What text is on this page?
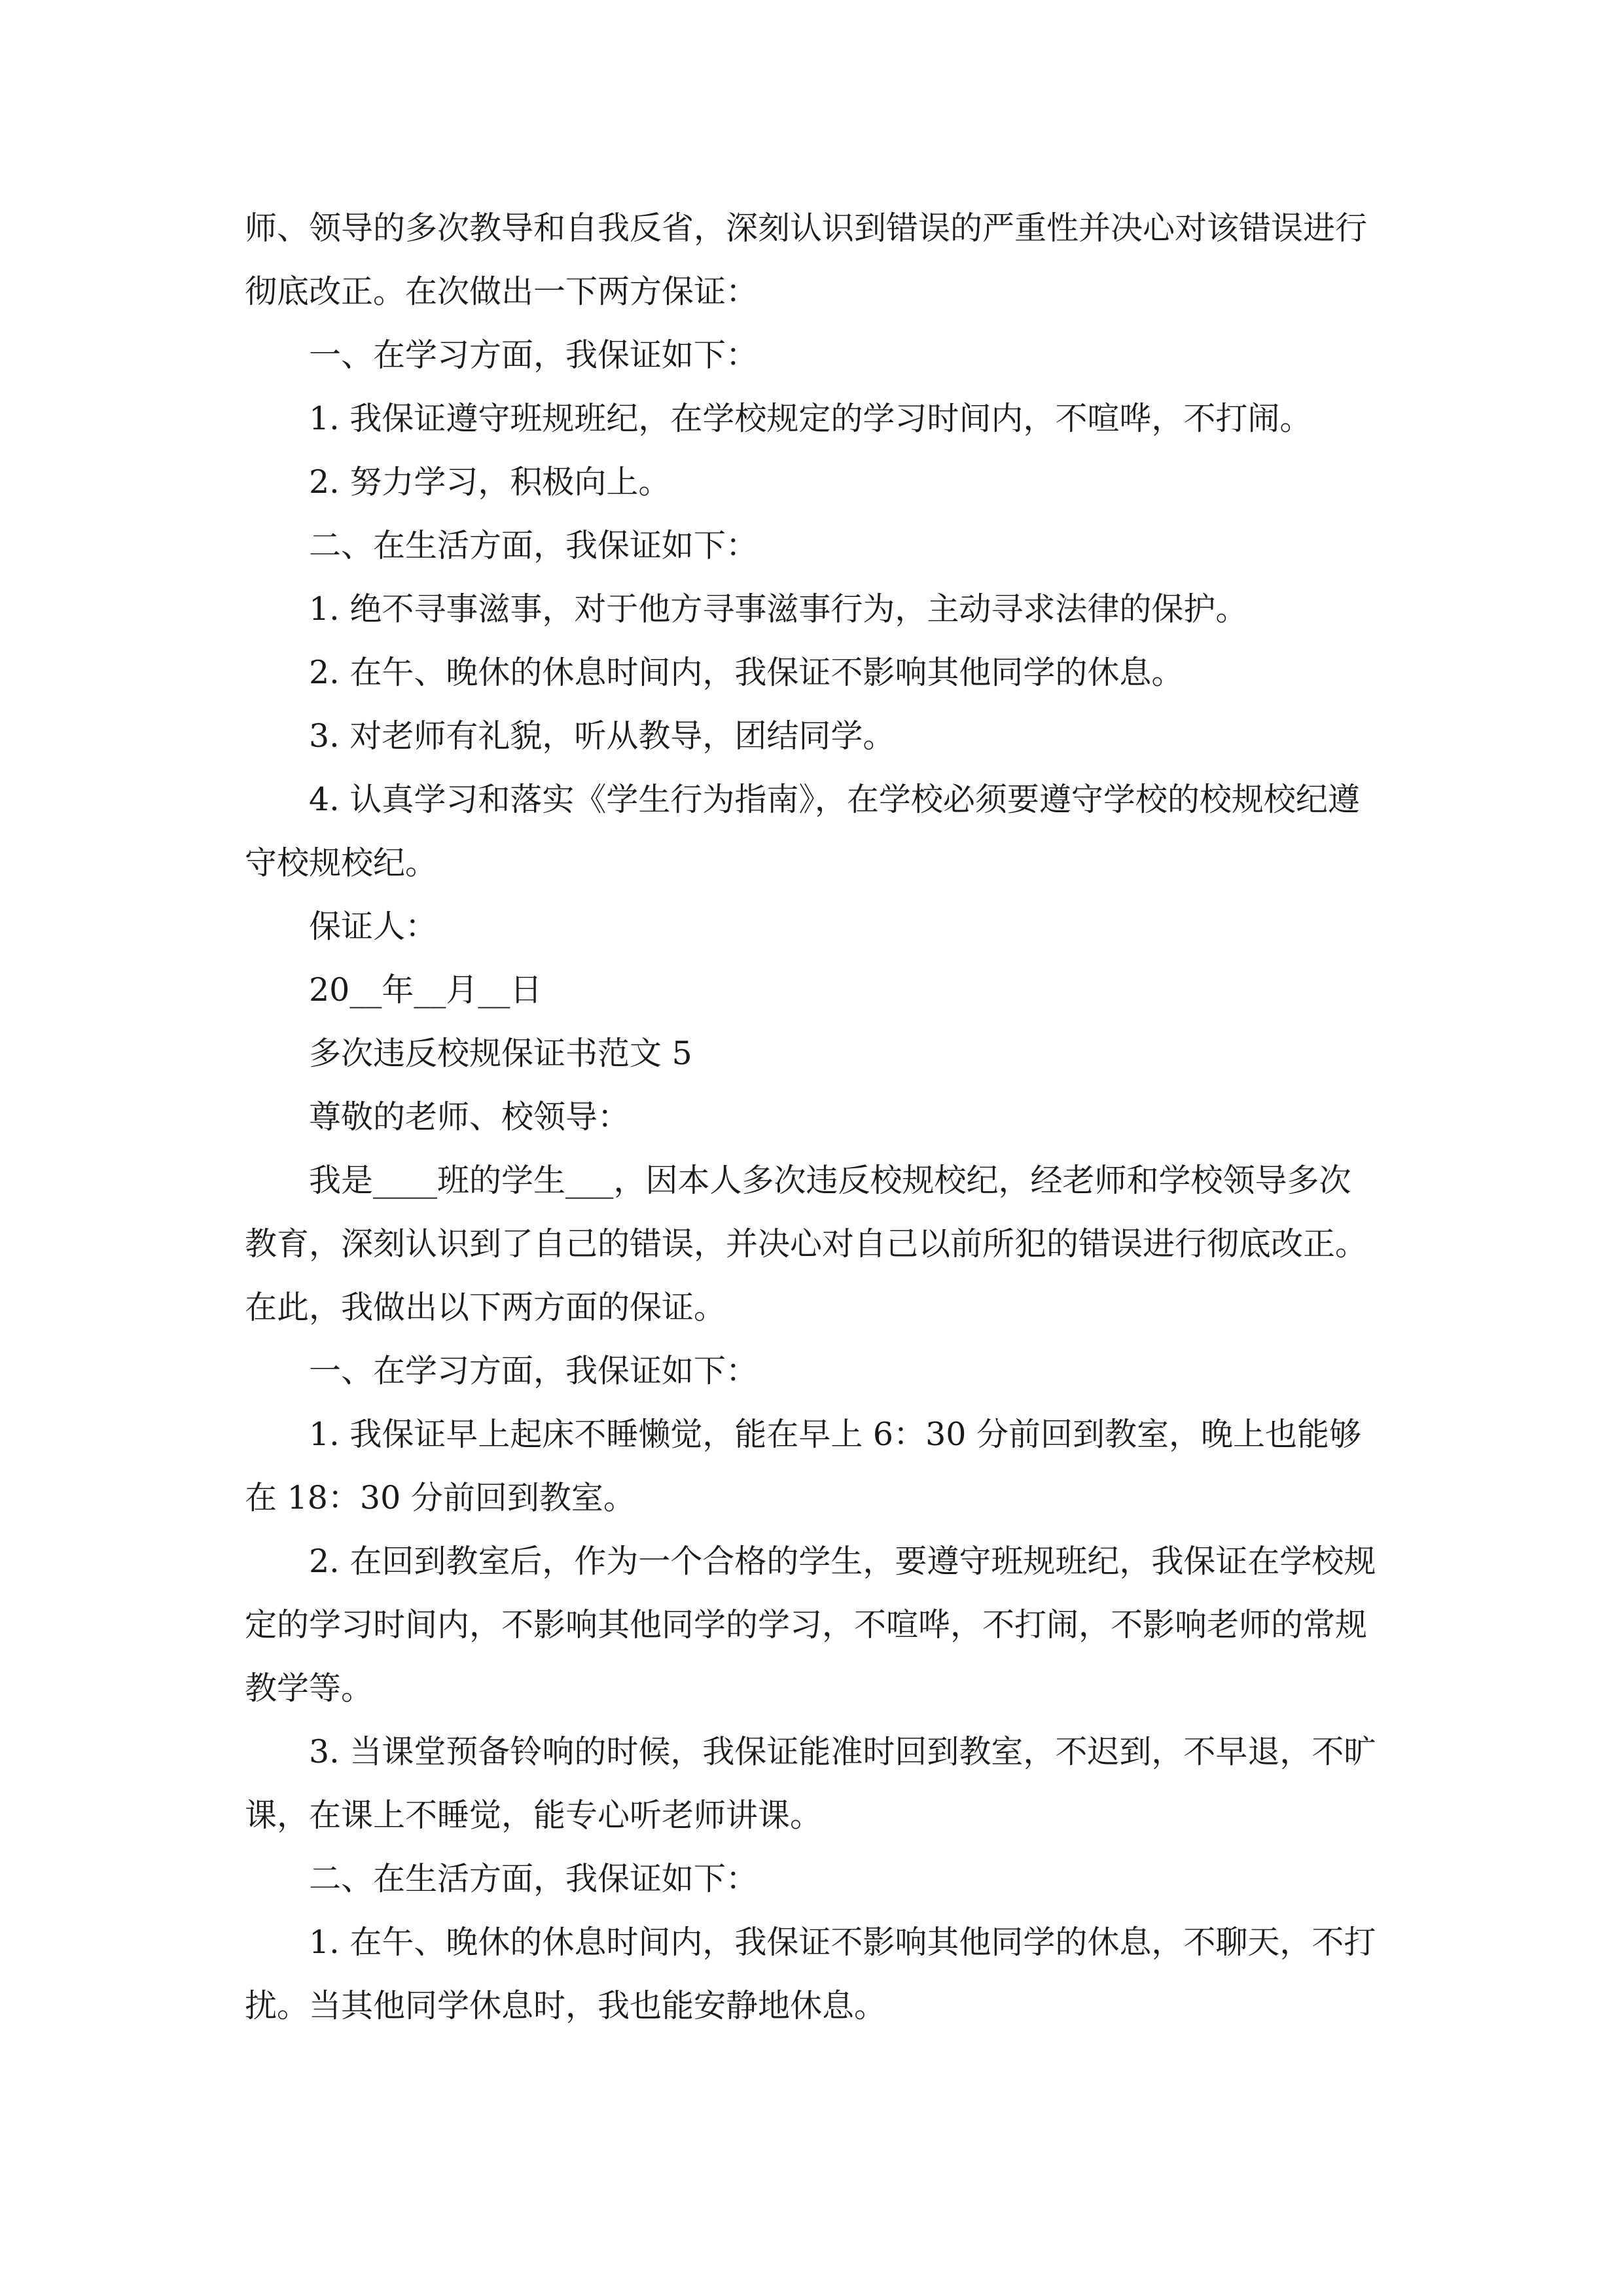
师、领导的多次教导和自我反省，深刻认识到错误的严重性并决心对该错误进行彻底改正。在次做出一下两方保证：

一、在学习方面，我保证如下：

1. 我保证遵守班规班纪，在学校规定的学习时间内，不喧哗，不打闹。

2. 努力学习，积极向上。

二、在生活方面，我保证如下：

1. 绝不寻事滋事，对于他方寻事滋事行为，主动寻求法律的保护。

2. 在午、晚休的休息时间内，我保证不影响其他同学的休息。

3. 对老师有礼貌，听从教导，团结同学。

4. 认真学习和落实《学生行为指南》，在学校必须要遵守学校的校规校纪遵守校规校纪。

保证人：

20__年__月__日

多次违反校规保证书范文 5

尊敬的老师、校领导：

我是____班的学生___，因本人多次违反校规校纪，经老师和学校领导多次教育，深刻认识到了自己的错误，并决心对自己以前所犯的错误进行彻底改正。在此，我做出以下两方面的保证。

一、在学习方面，我保证如下：

1. 我保证早上起床不睡懒觉，能在早上 6：30 分前回到教室，晚上也能够在 18：30 分前回到教室。

2. 在回到教室后，作为一个合格的学生，要遵守班规班纪，我保证在学校规定的学习时间内，不影响其他同学的学习，不喧哗，不打闹，不影响老师的常规教学等。

3. 当课堂预备铃响的时候，我保证能准时回到教室，不迟到，不早退，不旷课，在课上不睡觉，能专心听老师讲课。

二、在生活方面，我保证如下：

1. 在午、晚休的休息时间内，我保证不影响其他同学的休息，不聊天，不打扰。当其他同学休息时，我也能安静地休息。
